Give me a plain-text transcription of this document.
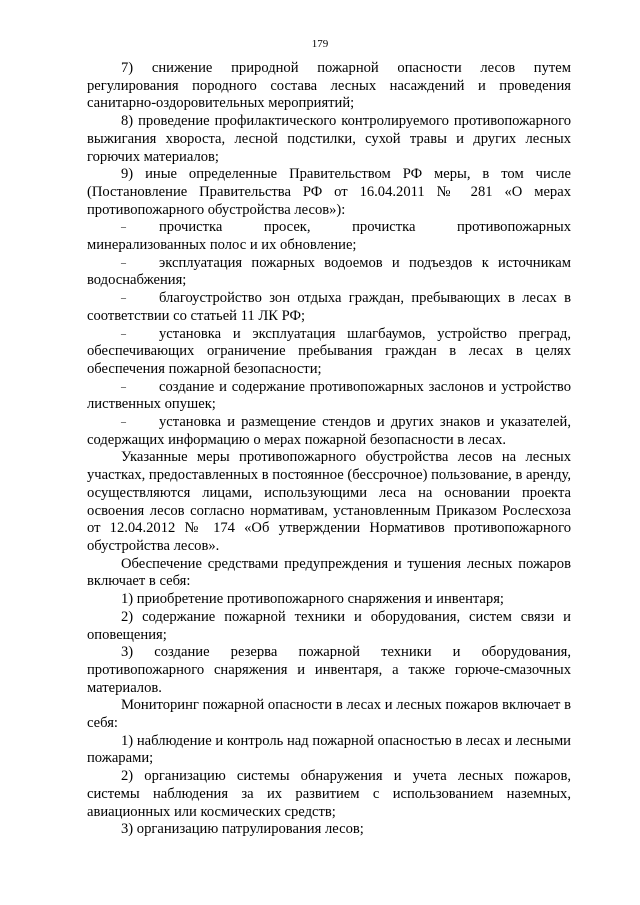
179

7) снижение природной пожарной опасности лесов путем регулирования породного состава лесных насаждений и проведения санитарно-оздоровительных мероприятий;

8) проведение профилактического контролируемого противопожарного выжигания хвороста, лесной подстилки, сухой травы и других лесных горючих материалов;

9) иные определенные Правительством РФ меры, в том числе (Постановление Правительства РФ от 16.04.2011 № 281 «О мерах противопожарного обустройства лесов»):

– прочистка просек, прочистка противопожарных минерализованных полос и их обновление;

– эксплуатация пожарных водоемов и подъездов к источникам водоснабжения;

– благоустройство зон отдыха граждан, пребывающих в лесах в соответствии со статьей 11 ЛК РФ;

– установка и эксплуатация шлагбаумов, устройство преград, обеспечивающих ограничение пребывания граждан в лесах в целях обеспечения пожарной безопасности;

– создание и содержание противопожарных заслонов и устройство лиственных опушек;

– установка и размещение стендов и других знаков и указателей, содержащих информацию о мерах пожарной безопасности в лесах.

Указанные меры противопожарного обустройства лесов на лесных участках, предоставленных в постоянное (бессрочное) пользование, в аренду, осуществляются лицами, использующими леса на основании проекта освоения лесов согласно нормативам, установленным Приказом Рослесхоза от 12.04.2012 № 174 «Об утверждении Нормативов противопожарного обустройства лесов».

Обеспечение средствами предупреждения и тушения лесных пожаров включает в себя:

1) приобретение противопожарного снаряжения и инвентаря;

2) содержание пожарной техники и оборудования, систем связи и оповещения;

3) создание резерва пожарной техники и оборудования, противопожарного снаряжения и инвентаря, а также горюче-смазочных материалов.

Мониторинг пожарной опасности в лесах и лесных пожаров включает в себя:

1) наблюдение и контроль над пожарной опасностью в лесах и лесными пожарами;

2) организацию системы обнаружения и учета лесных пожаров, системы наблюдения за их развитием с использованием наземных, авиационных или космических средств;

3) организацию патрулирования лесов;
